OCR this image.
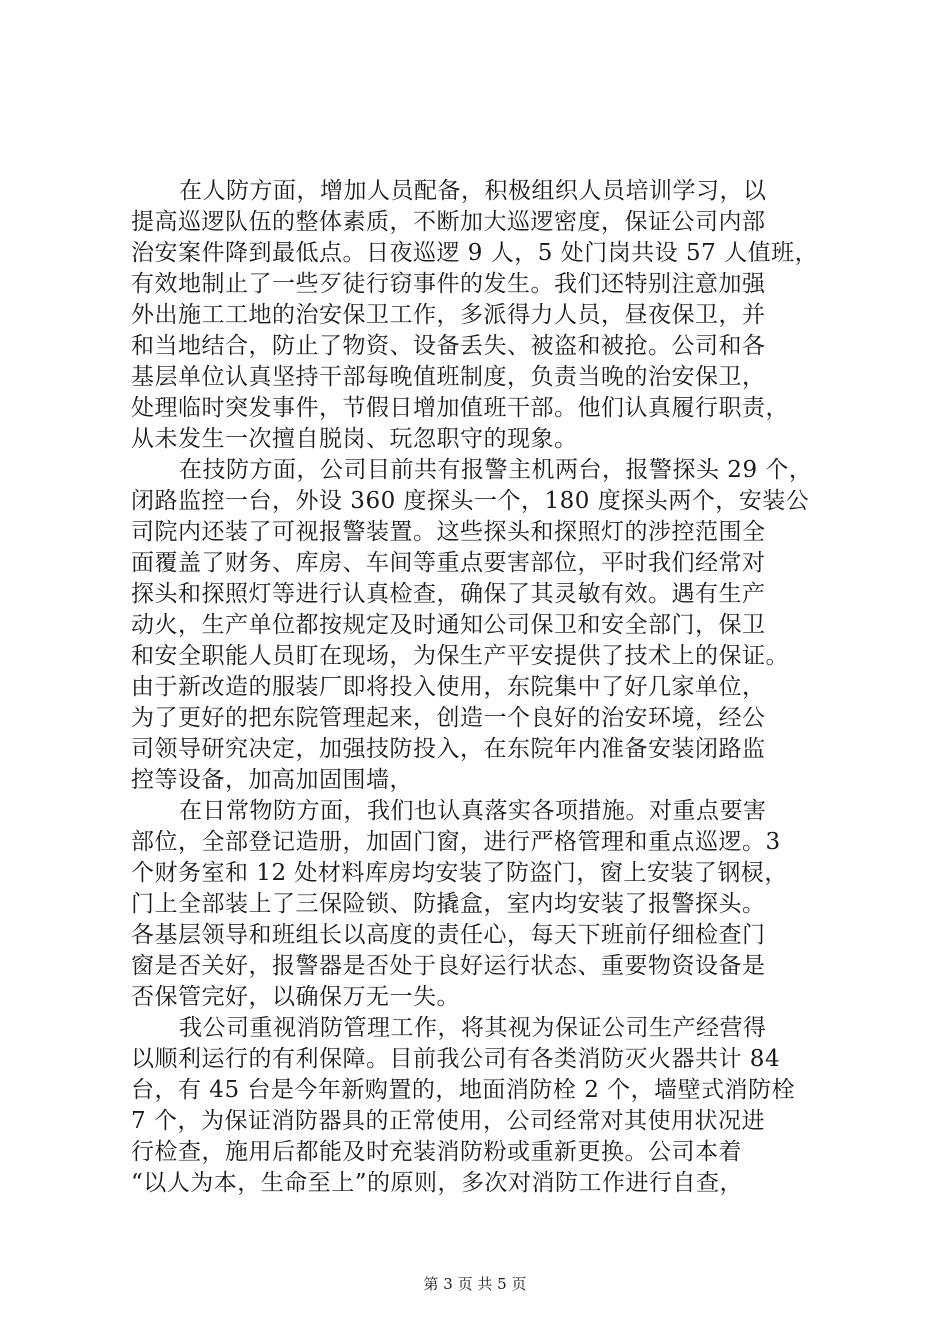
在人防方面，增加人员配备，积极组织人员培训学习，以
提高巡逻队伍的整体素质，不断加大巡逻密度，保证公司内部
治安案件降到最低点。日夜巡逻 9 人，5 处门岗共设 57 人值班，
有效地制止了一些歹徒行窃事件的发生。我们还特别注意加强
外出施工工地的治安保卫工作，多派得力人员，昼夜保卫，并
和当地结合，防止了物资、设备丢失、被盗和被抢。公司和各
基层单位认真坚持干部每晚值班制度，负责当晚的治安保卫，
处理临时突发事件，节假日增加值班干部。他们认真履行职责，
从未发生一次擅自脱岗、玩忽职守的现象。

在技防方面，公司目前共有报警主机两台，报警探头 29 个，
闭路监控一台，外设 360 度探头一个，180 度探头两个，安装公
司院内还装了可视报警装置。这些探头和探照灯的涉控范围全
面覆盖了财务、库房、车间等重点要害部位，平时我们经常对
探头和探照灯等进行认真检查，确保了其灵敏有效。遇有生产
动火，生产单位都按规定及时通知公司保卫和安全部门，保卫
和安全职能人员盯在现场，为保生产平安提供了技术上的保证。
由于新改造的服装厂即将投入使用，东院集中了好几家单位，
为了更好的把东院管理起来，创造一个良好的治安环境，经公
司领导研究决定，加强技防投入，在东院年内准备安装闭路监
控等设备，加高加固围墙，

在日常物防方面，我们也认真落实各项措施。对重点要害
部位，全部登记造册，加固门窗，进行严格管理和重点巡逻。3
个财务室和 12 处材料库房均安装了防盗门，窗上安装了钢棂，
门上全部装上了三保险锁、防撬盒，室内均安装了报警探头。
各基层领导和班组长以高度的责任心，每天下班前仔细检查门
窗是否关好，报警器是否处于良好运行状态、重要物资设备是
否保管完好，以确保万无一失。

我公司重视消防管理工作，将其视为保证公司生产经营得
以顺利运行的有利保障。目前我公司有各类消防灭火器共计 84
台，有 45 台是今年新购置的，地面消防栓 2 个，墙壁式消防栓
7 个，为保证消防器具的正常使用，公司经常对其使用状况进
行检查，施用后都能及时充装消防粉或重新更换。公司本着
“以人为本，生命至上”的原则，多次对消防工作进行自查，

第 3 页 共 5 页
